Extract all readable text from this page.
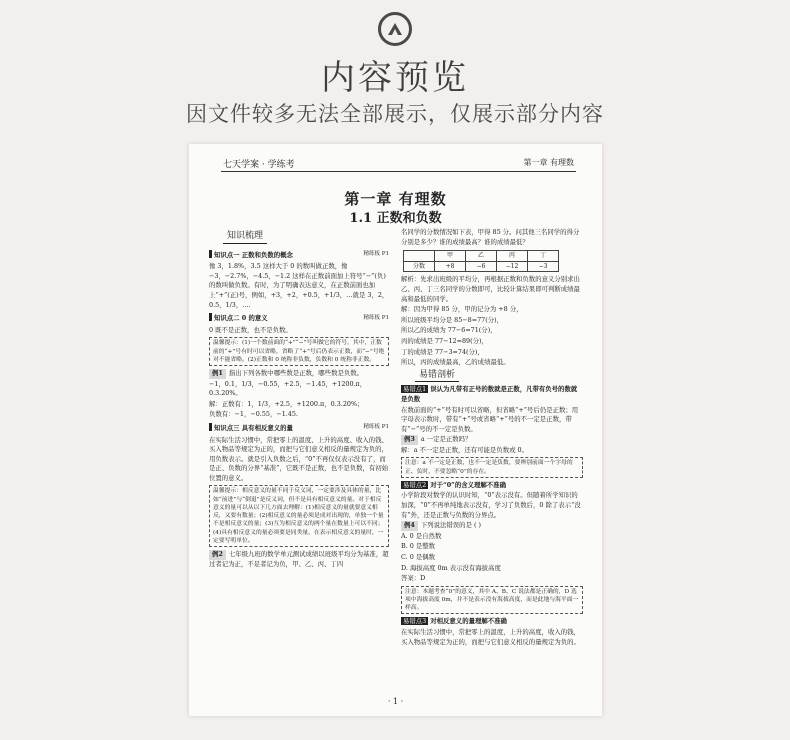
内容预览
因文件较多无法全部展示，仅展示部分内容
七天学案 · 学练考	第一章 有理数
第一章 有理数
1.1 正数和负数
知识梳理
知识点一 正数和负数的概念	精练板 P1

像 3，1.8%，3.5 这样大于 0 的数叫做正数，像 −3，−2.7%，−4.5，−1.2 这样在正数前面加上符号“−”(负)的数叫做负数。有时，为了明确表达意义，在正数前面也加上“+”(正)号，例如，+3，+2，+0.5，+1/3，…就是 3，2，0.5，1/3，….

知识点二 0 的意义	精练板 P1

0 既不是正数，也不是负数。

温馨提示：(1)一个数前面的“+”“−”号叫做它的符号，其中，正数前的“+”号有时可以省略，省略了“+”号后仍表示正数，而“−”号绝对不能省略。(2)正数和 0 统称非负数，负数和 0 统称非正数。

例1 指出下列各数中哪些数是正数，哪些数是负数。

−1，0.1，1/3，−0.55，+2.5，−1.45，+1200.π，0.3.20%。

解：正数有：1，1/3，+2.5，+1200.π，0.3.20%；

负数有：−1，−0.55，−1.45.

知识点三 具有相反意义的量	精练板 P1

在实际生活习惯中，常把零上的温度、上升的高度、收入的钱、买入物品等规定为正的，而把与它们意义相反的量规定为负的，用负数表示。就是引入负数之后，“0”不再仅仅表示没有了，而是正、负数的分界“基准”，它既不是正数，也不是负数，有初始位置的意义。

温馨提示：相反意义的量不同于反义词，一定要涉及具体的量，比如“前进”与“倒退”是反义词，但不是具有相反意义的量。对于相反意义的量可以从以下几方面去理解：(1)相反意义的量就要意义相反，又要有数量；(2)相反意义的量必须是成对出现的，单独一个量不是相反意义的量；(3)互为相反意义的两个量在数量上可以不同；(4)具有相反意义的量必须要是同类量，在表示相反意义的量时，一定要写明单位。

例2 七年级九班的数学单元测试成绩以班级平均分为基准，超过者记为正，不足者记为负，甲、乙、丙、丁四

名同学的分数情况如下表，甲得 85 分。问其他三名同学的得分分别是多少？谁的成绩最高？谁的成绩最低？

	甲	乙	丙	丁
分数	+8	−6	−12	−3

解析：先求出班级的平均分，再根据正数和负数的意义分别求出乙、丙、丁三名同学的分数即可，比较计算结果即可判断成绩最高和最低的同学。

解：因为甲得 85 分，甲的记分为 +8 分，

所以班级平均分是 85−8=77(分)，

所以乙的成绩为 77−6=71(分)，

丙的成绩是 77−12=89(分)，

丁的成绩是 77−3=74(分)，

所以，丙的成绩最高，乙的成绩最低。

易错剖析

易错点1 误认为凡带有正号的数就是正数，凡带有负号的数就是负数

在数前面的“+”号有时可以省略，但省略“+”号后仍是正数；用字母表示数时，带有“+”号或省略“+”号的不一定是正数，带有“−”号的不一定是负数。

例3 a 一定是正数吗？

解：a 不一定是正数，还有可能是负数或 0。

注意：a 不一定是正数，也不一定是负数，要辨别前面一个字母的正、负时，不要忽略“0”的存在。

易错点2 对于“0”的含义理解不准确

小学阶段对数学的认识时知，“0”表示没有。但随着所学知识的加深，“0”不再单纯地表示没有，学习了负数后，0 除了表示“没有”外，还是正数与负数的分界点。

例4 下列说法错误的是 ( )

A. 0 是自然数

B. 0 是整数

C. 0 是偶数

D. 海拔高度 0m 表示没有海拔高度

答案：D

注意：本题考查“0”的意义，其中 A、B、C 说法都是正确的，D 选项中海拔高度 0m，并不是表示没有海拔高度，而是此地与海平面一样高。

易错点3 对相反意义的量理解不准确

在实际生活习惯中，常把零上的温度，上升的高度，收入的钱，买入物品等规定为正的，而把与它们意义相反的量规定为负的。

· 1 ·
